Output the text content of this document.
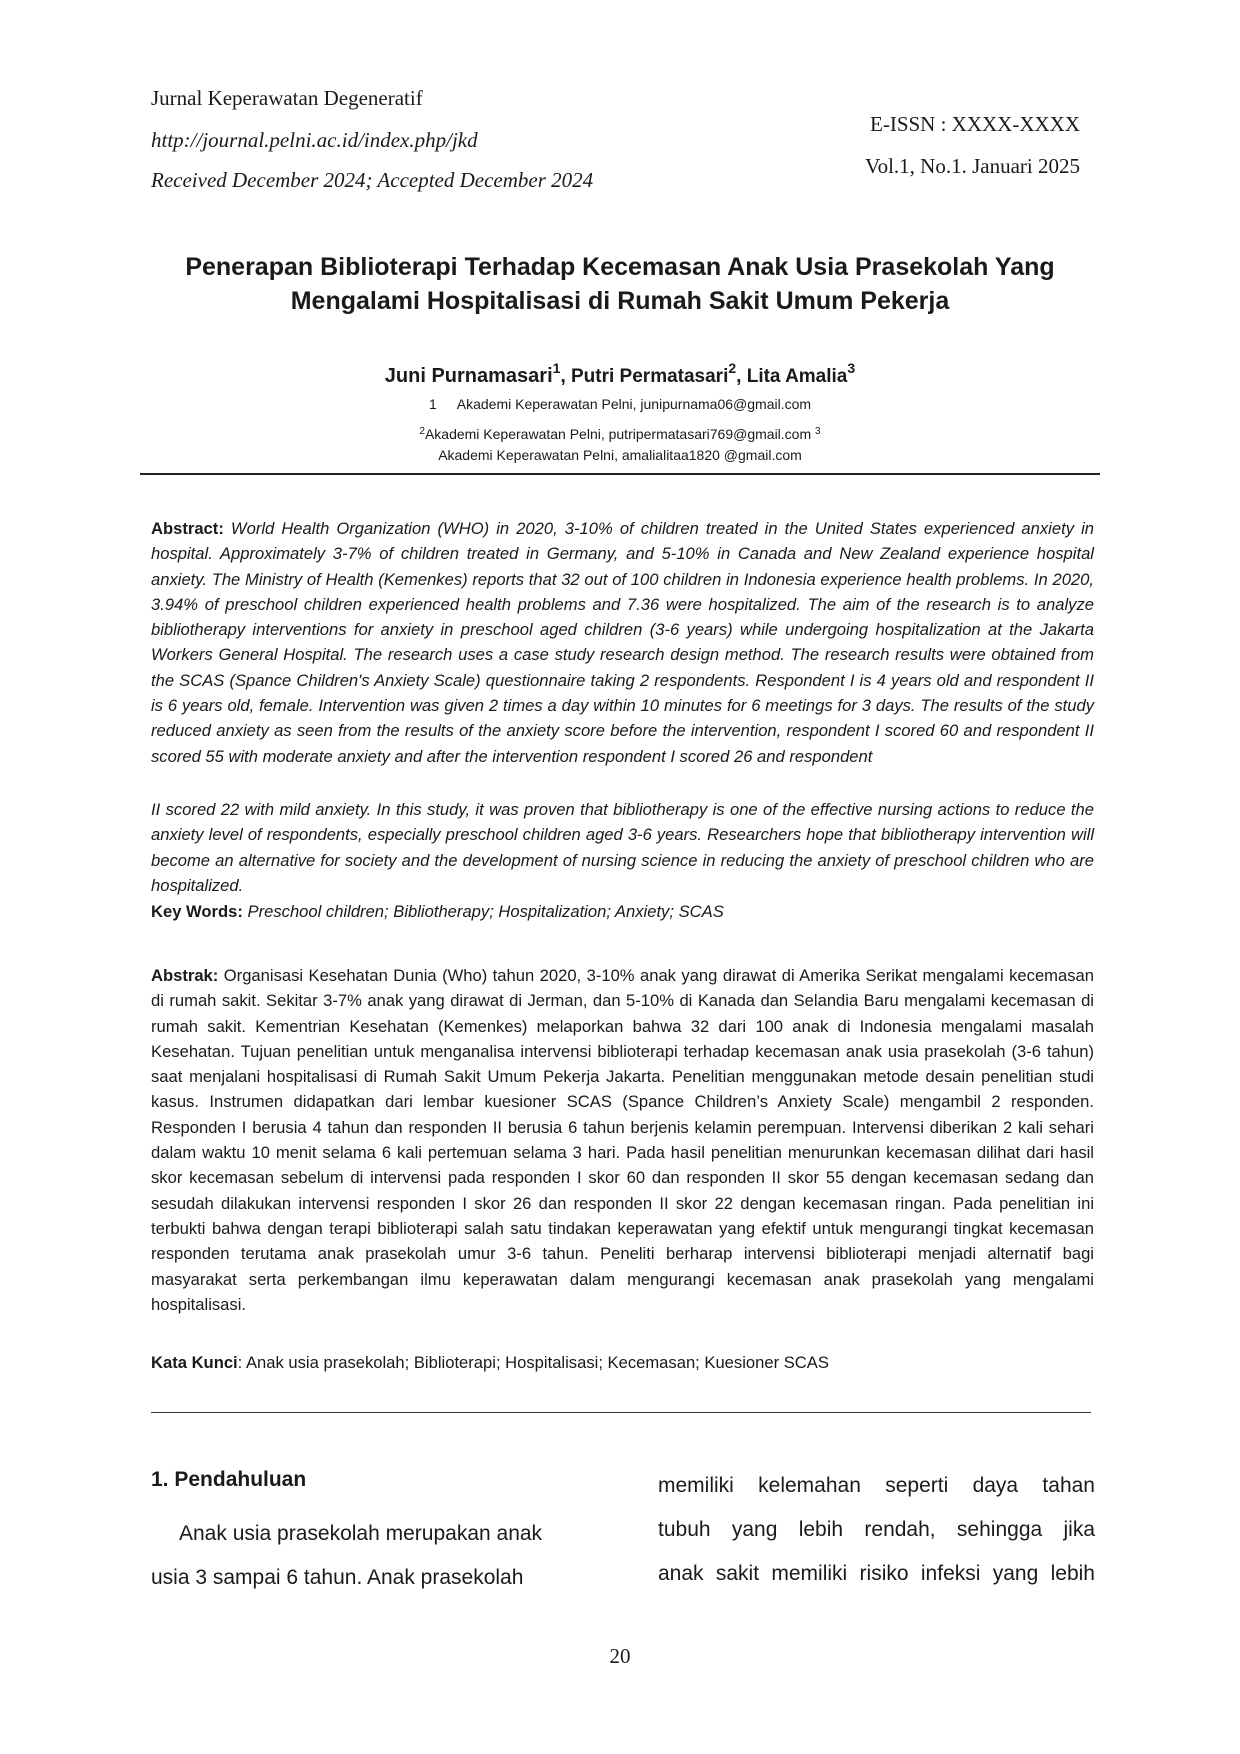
Jurnal Keperawatan Degeneratif
http://journal.pelni.ac.id/index.php/jkd
Received December 2024; Accepted December 2024
E-ISSN : XXXX-XXXX
Vol.1, No.1. Januari 2025
Penerapan Biblioterapi Terhadap Kecemasan Anak Usia Prasekolah Yang
Mengalami Hospitalisasi di Rumah Sakit Umum Pekerja
Juni Purnamasari$^1$, Putri Permatasari$^2$, Lita Amalia$^3$
1 Akademi Keperawatan Pelni, junipurnama06@gmail.com
$^2$Akademi Keperawatan Pelni, putripermatasari769@gmail.com $^3$
Akademi Keperawatan Pelni, amalialitaa1820 @gmail.com
Abstract: World Health Organization (WHO) in 2020, 3-10% of children treated in the United States experienced anxiety in hospital. Approximately 3-7% of children treated in Germany, and 5-10% in Canada and New Zealand experience hospital anxiety. The Ministry of Health (Kemenkes) reports that 32 out of 100 children in Indonesia experience health problems. In 2020, 3.94% of preschool children experienced health problems and 7.36 were hospitalized. The aim of the research is to analyze bibliotherapy interventions for anxiety in preschool aged children (3-6 years) while undergoing hospitalization at the Jakarta Workers General Hospital. The research uses a case study research design method. The research results were obtained from the SCAS (Spance Children's Anxiety Scale) questionnaire taking 2 respondents. Respondent I is 4 years old and respondent II is 6 years old, female. Intervention was given 2 times a day within 10 minutes for 6 meetings for 3 days. The results of the study reduced anxiety as seen from the results of the anxiety score before the intervention, respondent I scored 60 and respondent II scored 55 with moderate anxiety and after the intervention respondent I scored 26 and respondent
II scored 22 with mild anxiety. In this study, it was proven that bibliotherapy is one of the effective nursing actions to reduce the anxiety level of respondents, especially preschool children aged 3-6 years. Researchers hope that bibliotherapy intervention will become an alternative for society and the development of nursing science in reducing the anxiety of preschool children who are hospitalized.
Key Words: Preschool children; Bibliotherapy; Hospitalization; Anxiety; SCAS
Abstrak: Organisasi Kesehatan Dunia (Who) tahun 2020, 3-10% anak yang dirawat di Amerika Serikat mengalami kecemasan di rumah sakit. Sekitar 3-7% anak yang dirawat di Jerman, dan 5-10% di Kanada dan Selandia Baru mengalami kecemasan di rumah sakit. Kementrian Kesehatan (Kemenkes) melaporkan bahwa 32 dari 100 anak di Indonesia mengalami masalah Kesehatan. Tujuan penelitian untuk menganalisa intervensi biblioterapi terhadap kecemasan anak usia prasekolah (3-6 tahun) saat menjalani hospitalisasi di Rumah Sakit Umum Pekerja Jakarta. Penelitian menggunakan metode desain penelitian studi kasus. Instrumen didapatkan dari lembar kuesioner SCAS (Spance Children’s Anxiety Scale) mengambil 2 responden. Responden I berusia 4 tahun dan responden II berusia 6 tahun berjenis kelamin perempuan. Intervensi diberikan 2 kali sehari dalam waktu 10 menit selama 6 kali pertemuan selama 3 hari. Pada hasil penelitian menurunkan kecemasan dilihat dari hasil skor kecemasan sebelum di intervensi pada responden I skor 60 dan responden II skor 55 dengan kecemasan sedang dan sesudah dilakukan intervensi responden I skor 26 dan responden II skor 22 dengan kecemasan ringan. Pada penelitian ini terbukti bahwa dengan terapi biblioterapi salah satu tindakan keperawatan yang efektif untuk mengurangi tingkat kecemasan responden terutama anak prasekolah umur 3-6 tahun. Peneliti berharap intervensi biblioterapi menjadi alternatif bagi masyarakat serta perkembangan ilmu keperawatan dalam mengurangi kecemasan anak prasekolah yang mengalami hospitalisasi.
Kata Kunci: Anak usia prasekolah; Biblioterapi; Hospitalisasi; Kecemasan; Kuesioner SCAS
1. Pendahuluan
Anak usia prasekolah merupakan anak
usia 3 sampai 6 tahun. Anak prasekolah
memiliki kelemahan seperti daya tahan
tubuh yang lebih rendah, sehingga jika
anak sakit memiliki risiko infeksi yang lebih
20
